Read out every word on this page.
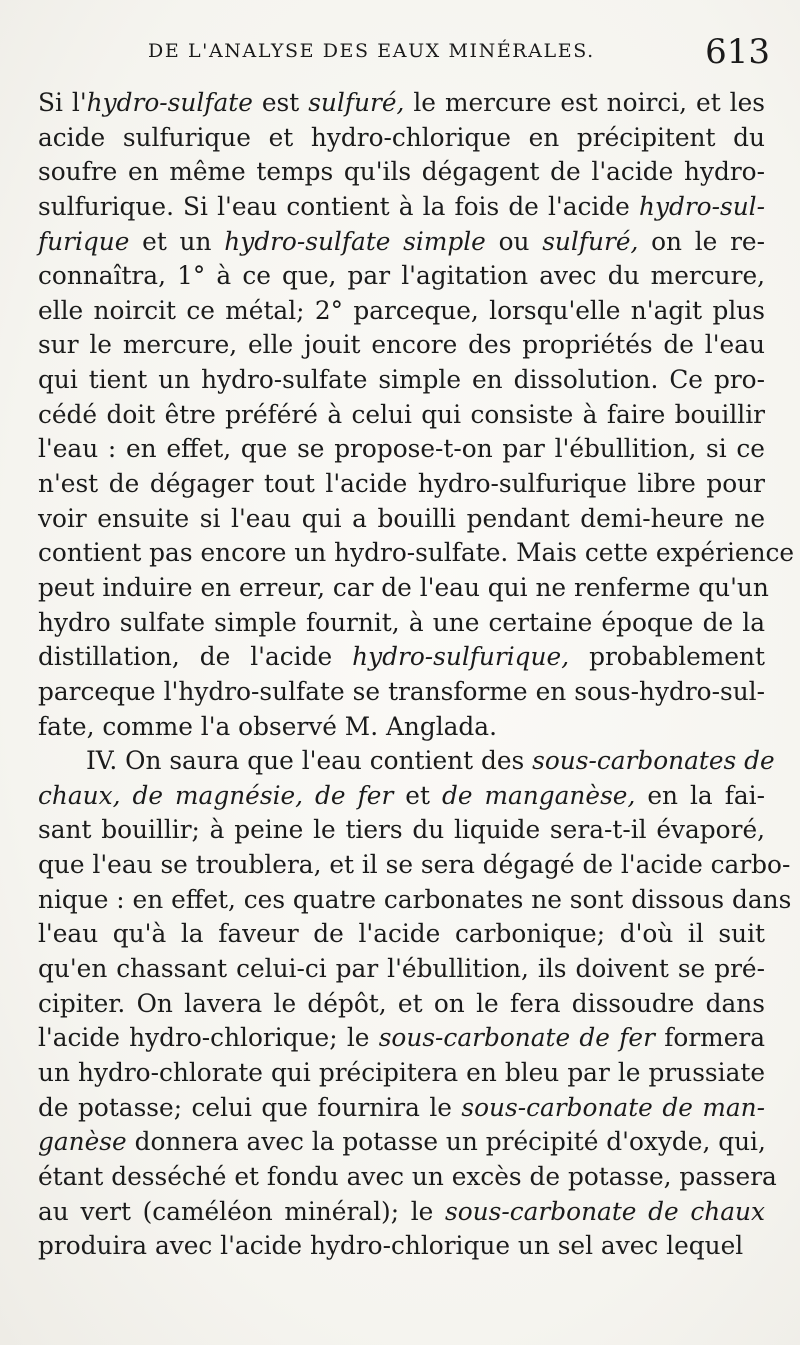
DE L'ANALYSE DES EAUX MINÉRALES.	613

Si l'hydro-sulfate est sulfuré, le mercure est noirci, et les
acide sulfurique et hydro-chlorique en précipitent du
soufre en même temps qu'ils dégagent de l'acide hydro-
sulfurique. Si l'eau contient à la fois de l'acide hydro-sul-
furique et un hydro-sulfate simple ou sulfuré, on le re-
connaîtra, 1° à ce que, par l'agitation avec du mercure,
elle noircit ce métal; 2° parceque, lorsqu'elle n'agit plus
sur le mercure, elle jouit encore des propriétés de l'eau
qui tient un hydro-sulfate simple en dissolution. Ce pro-
cédé doit être préféré à celui qui consiste à faire bouillir
l'eau : en effet, que se propose-t-on par l'ébullition, si ce
n'est de dégager tout l'acide hydro-sulfurique libre pour
voir ensuite si l'eau qui a bouilli pendant demi-heure ne
contient pas encore un hydro-sulfate. Mais cette expérience
peut induire en erreur, car de l'eau qui ne renferme qu'un
hydro sulfate simple fournit, à une certaine époque de la
distillation, de l'acide hydro-sulfurique, probablement
parceque l'hydro-sulfate se transforme en sous-hydro-sul-
fate, comme l'a observé M. Anglada.

IV. On saura que l'eau contient des sous-carbonates de
chaux, de magnésie, de fer et de manganèse, en la fai-
sant bouillir; à peine le tiers du liquide sera-t-il évaporé,
que l'eau se troublera, et il se sera dégagé de l'acide carbo-
nique : en effet, ces quatre carbonates ne sont dissous dans
l'eau qu'à la faveur de l'acide carbonique; d'où il suit
qu'en chassant celui-ci par l'ébullition, ils doivent se pré-
cipiter. On lavera le dépôt, et on le fera dissoudre dans
l'acide hydro-chlorique; le sous-carbonate de fer formera
un hydro-chlorate qui précipitera en bleu par le prussiate
de potasse; celui que fournira le sous-carbonate de man-
ganèse donnera avec la potasse un précipité d'oxyde, qui,
étant desséché et fondu avec un excès de potasse, passera
au vert (caméléon minéral); le sous-carbonate de chaux
produira avec l'acide hydro-chlorique un sel avec lequel
